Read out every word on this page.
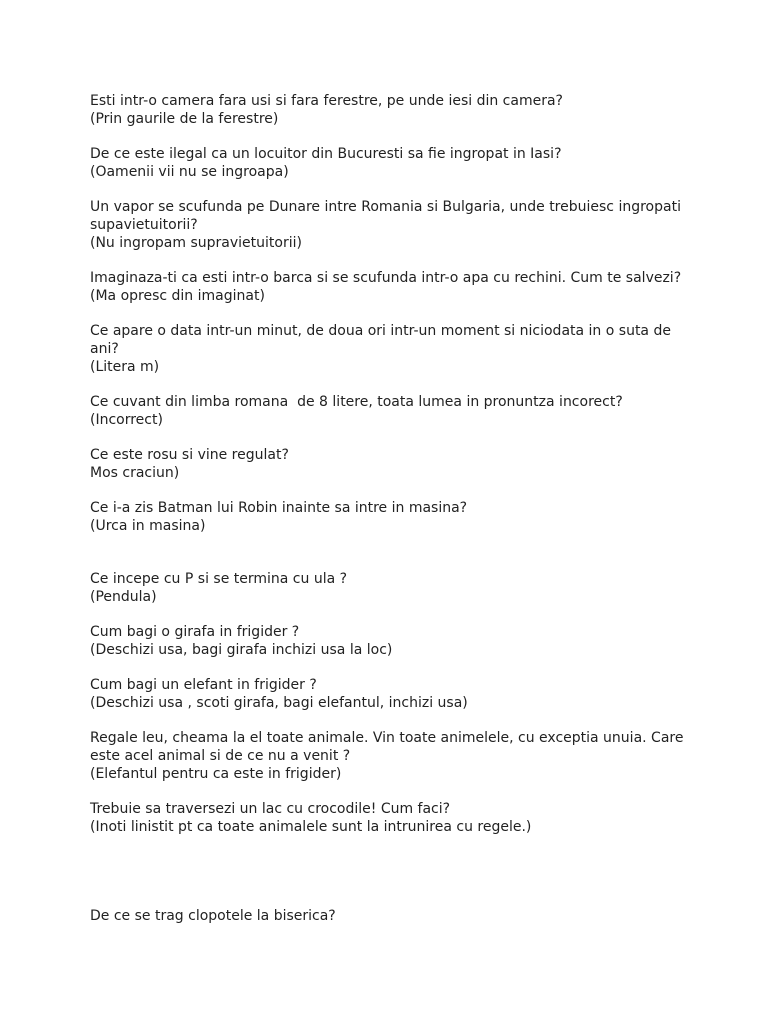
Esti intr-o camera fara usi si fara ferestre, pe unde iesi din camera?
(Prin gaurile de la ferestre)
De ce este ilegal ca un locuitor din Bucuresti sa fie ingropat in Iasi?
(Oamenii vii nu se ingroapa)
Un vapor se scufunda pe Dunare intre Romania si Bulgaria, unde trebuiesc ingropati supavietuitorii?
(Nu ingropam supravietuitorii)
Imaginaza-ti ca esti intr-o barca si se scufunda intr-o apa cu rechini. Cum te salvezi?
(Ma opresc din imaginat)
Ce apare o data intr-un minut, de doua ori intr-un moment si niciodata in o suta de ani?
(Litera m)
Ce cuvant din limba romana  de 8 litere, toata lumea in pronuntza incorect?
(Incorrect)
Ce este rosu si vine regulat?
Mos craciun)
Ce i-a zis Batman lui Robin inainte sa intre in masina?
(Urca in masina)
Ce incepe cu P si se termina cu ula ?
(Pendula)
Cum bagi o girafa in frigider ?
(Deschizi usa, bagi girafa inchizi usa la loc)
Cum bagi un elefant in frigider ?
(Deschizi usa , scoti girafa, bagi elefantul, inchizi usa)
Regale leu, cheama la el toate animale. Vin toate animelele, cu exceptia unuia. Care este acel animal si de ce nu a venit ?
(Elefantul pentru ca este in frigider)
Trebuie sa traversezi un lac cu crocodile! Cum faci?
(Inoti linistit pt ca toate animalele sunt la intrunirea cu regele.)
De ce se trag clopotele la biserica?
